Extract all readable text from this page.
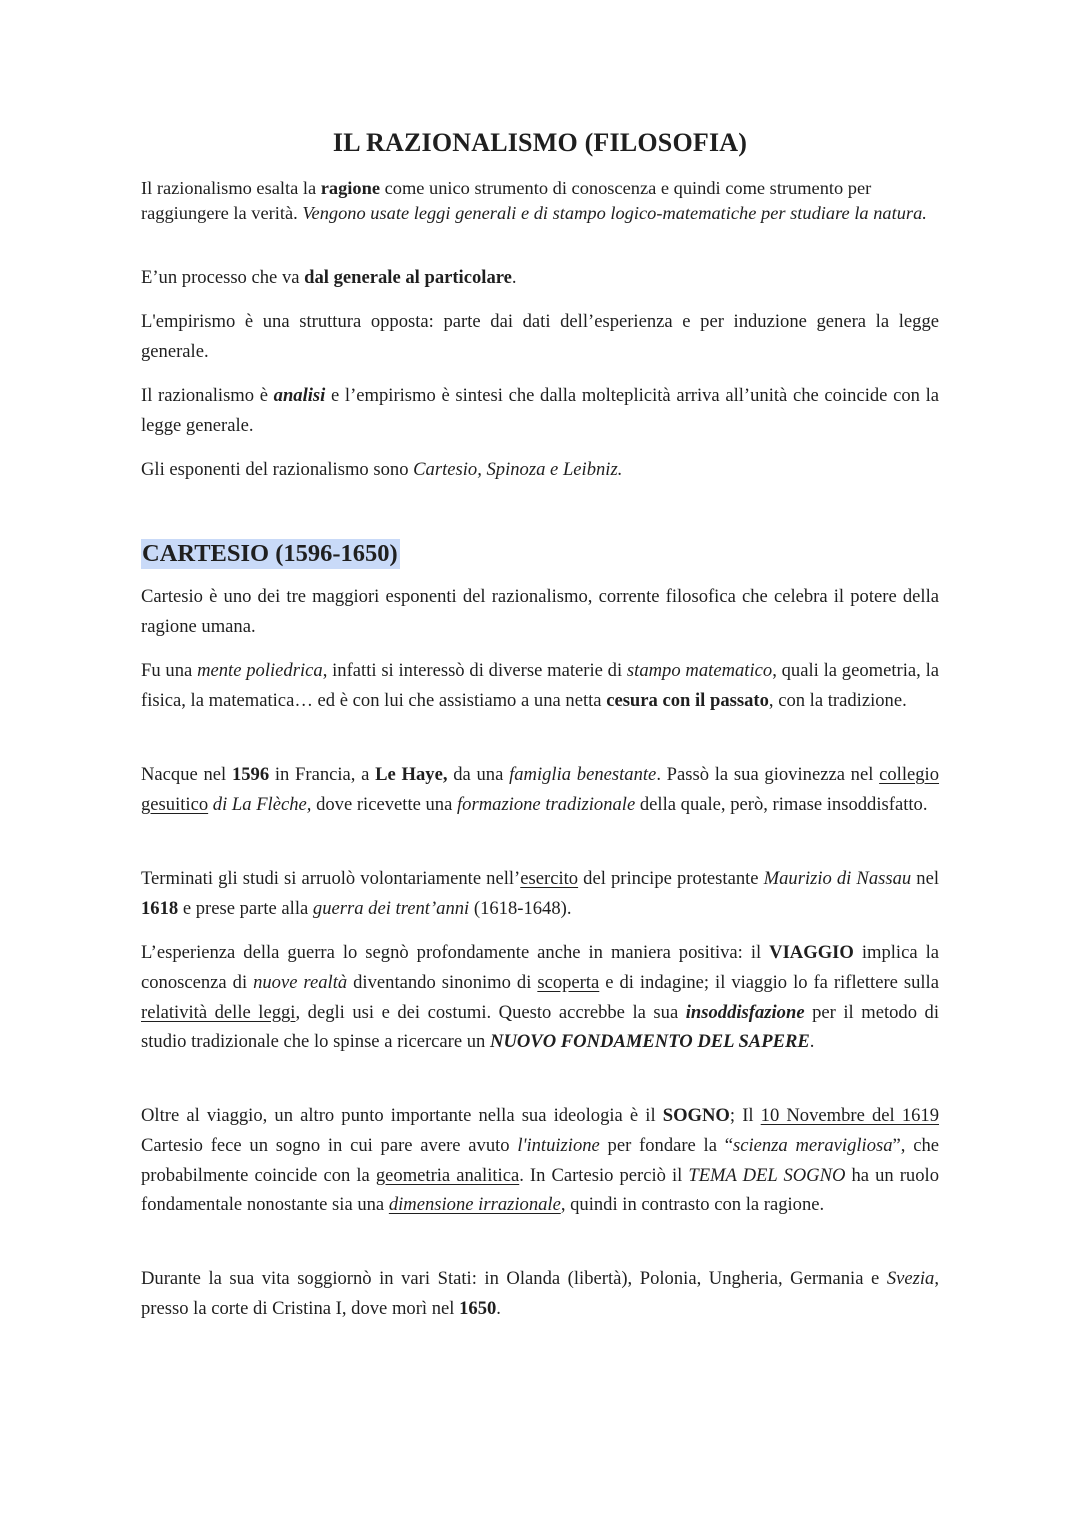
IL RAZIONALISMO (FILOSOFIA)

Il razionalismo esalta la ragione come unico strumento di conoscenza e quindi come strumento per raggiungere la verità. Vengono usate leggi generali e di stampo logico-matematiche per studiare la natura.

E’un processo che va dal generale al particolare.

L'empirismo è una struttura opposta: parte dai dati dell’esperienza e per induzione genera la legge generale.

Il razionalismo è analisi e l’empirismo è sintesi che dalla molteplicità arriva all’unità che coincide con la legge generale.

Gli esponenti del razionalismo sono Cartesio, Spinoza e Leibniz.

CARTESIO (1596-1650)

Cartesio è uno dei tre maggiori esponenti del razionalismo, corrente filosofica che celebra il potere della ragione umana.

Fu una mente poliedrica, infatti si interessò di diverse materie di stampo matematico, quali la geometria, la fisica, la matematica… ed è con lui che assistiamo a una netta cesura con il passato, con la tradizione.

Nacque nel 1596 in Francia, a Le Haye, da una famiglia benestante. Passò la sua giovinezza nel collegio gesuitico di La Flèche, dove ricevette una formazione tradizionale della quale, però, rimase insoddisfatto.

Terminati gli studi si arruolò volontariamente nell’esercito del principe protestante Maurizio di Nassau nel 1618 e prese parte alla guerra dei trent’anni (1618-1648).

L’esperienza della guerra lo segnò profondamente anche in maniera positiva: il VIAGGIO implica la conoscenza di nuove realtà diventando sinonimo di scoperta e di indagine; il viaggio lo fa riflettere sulla relatività delle leggi, degli usi e dei costumi. Questo accrebbe la sua insoddisfazione per il metodo di studio tradizionale che lo spinse a ricercare un NUOVO FONDAMENTO DEL SAPERE.

Oltre al viaggio, un altro punto importante nella sua ideologia è il SOGNO; Il 10 Novembre del 1619 Cartesio fece un sogno in cui pare avere avuto l'intuizione per fondare la “scienza meravigliosa”, che probabilmente coincide con la geometria analitica. In Cartesio perciò il TEMA DEL SOGNO ha un ruolo fondamentale nonostante sia una dimensione irrazionale, quindi in contrasto con la ragione.

Durante la sua vita soggiornò in vari Stati: in Olanda (libertà), Polonia, Ungheria, Germania e Svezia, presso la corte di Cristina I, dove morì nel 1650.
